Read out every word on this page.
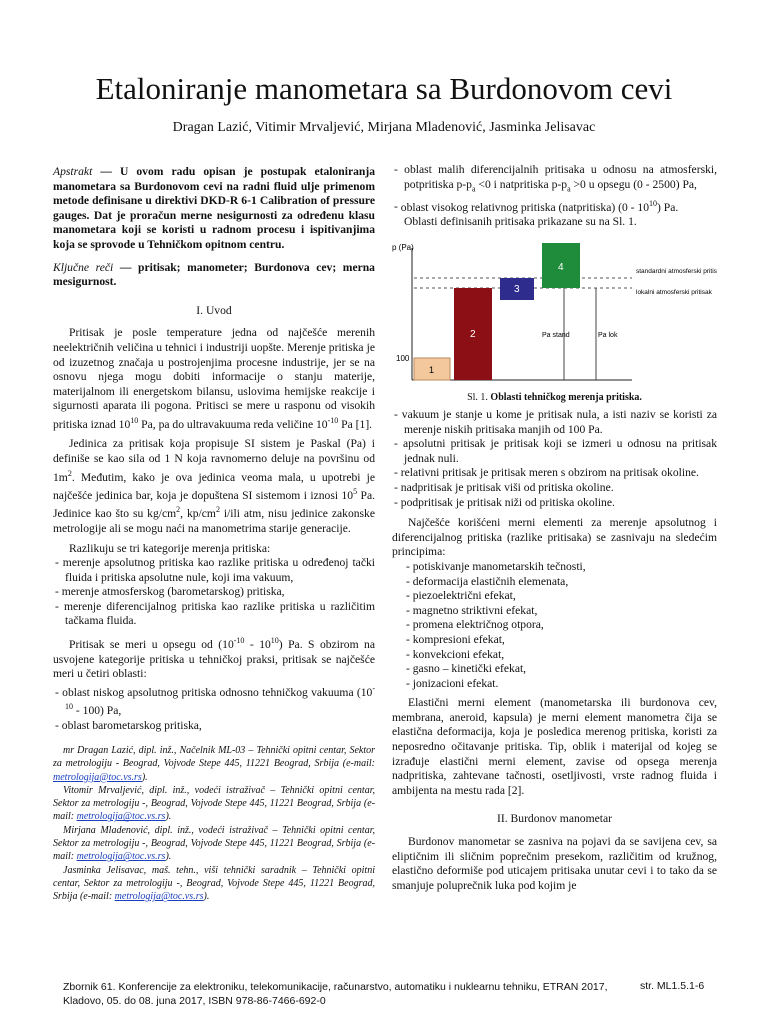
Etaloniranje manometara sa Burdonovom cevi
Dragan Lazić, Vitimir Mrvaljević, Mirjana Mladenović, Jasminka Jelisavac

Apstrakt — U ovom radu opisan je postupak etaloniranja manometara sa Burdonovom cevi na radni fluid ulje primenom metode definisane u direktivi DKD-R 6-1 Calibration of pressure gauges. Dat je proračun merne nesigurnosti za određenu klasu manometara koji se koristi u radnom procesu i ispitivanjima koja se sprovode u Tehničkom opitnom centru.

Ključne reči — pritisak; manometer; Burdonova cev; merna mesigurnost.

I. Uvod

Pritisak je posle temperature jedna od najčešće merenih neelektričnih veličina u tehnici i industriji uopšte. Merenje pritiska je od izuzetnog značaja u postrojenjima procesne industrije, jer se na osnovu njega mogu dobiti informacije o stanju materije, materijalnom ili energetskom bilansu, uslovima hemijske reakcije i sigurnosti aparata ili pogona. Pritisci se mere u rasponu od visokih pritiska iznad $10^{10}$ Pa, pa do ultravakuuma reda veličine $10^{-10}$ Pa [1].

Jedinica za pritisak koja propisuje SI sistem je Paskal (Pa) i definiše se kao sila od 1 N koja ravnomerno deluje na površinu od $1m^2$. Međutim, kako je ova jedinica veoma mala, u upotrebi je najčešće jedinica bar, koja je dopuštena SI sistemom i iznosi $10^5$ Pa. Jedinice kao što su $kg/cm^2$, $kp/cm^2$ i/ili atm, nisu jedinice zakonske metrologije ali se mogu naći na manometrima starije generacije.

Razlikuju se tri kategorije merenja pritiska:

- merenje apsolutnog pritiska kao razlike pritiska u određenoj tački fluida i pritiska apsolutne nule, koji ima vakuum,
- merenje atmosferskog (barometarskog) pritiska,
- merenje diferencijalnog pritiska kao razlike pritiska u različitim tačkama fluida.

Pritisak se meri u opsegu od $(10^{-10} - 10^{10})$ Pa. S obzirom na usvojene kategorije pritiska u tehničkoj praksi, pritisak se najčešće meri u četiri oblasti:

- oblast niskog apsolutnog pritiska odnosno tehničkog vakuuma $(10^{-10} - 100)$ Pa,
- oblast barometarskog pritiska,

mr Dragan Lazić, dipl. inž., Načelnik ML-03 – Tehnički opitni centar, Sektor za metrologiju - Beograd, Vojvode Stepe 445, 11221 Beograd, Srbija (e-mail: metrologija@toc.vs.rs).

Vitomir Mrvaljević, dipl. inž., vodeći istraživač – Tehnički opitni centar, Sektor za metrologiju -, Beograd, Vojvode Stepe 445, 11221 Beograd, Srbija (e-mail: metrologija@toc.vs.rs).

Mirjana Mladenović, dipl. inž., vodeći istraživač – Tehnički opitni centar, Sektor za metrologiju -, Beograd, Vojvode Stepe 445, 11221 Beograd, Srbija (e-mail: metrologija@toc.vs.rs).

Jasminka Jelisavac, maš. tehn., viši tehnički saradnik – Tehnički opitni centar, Sektor za metrologiju -, Beograd, Vojvode Stepe 445, 11221 Beograd, Srbija (e-mail: metrologija@toc.vs.rs).

- oblast malih diferencijalnih pritisaka u odnosu na atmosferski, potpritiska $p-p_a <0$ i natpritiska $p-p_a >0$ u opsegu (0 - 2500) Pa,
- oblast visokog relativnog pritiska (natpritiska) $(0 - 10^{10})$ Pa.

Oblasti definisanih pritisaka prikazane su na Sl. 1.

p (Pa)
100
1
2
3
4
Pa stand	Pa lok
standardni atmosferski pritisak
lokalni atmosferski pritisak
Sl. 1. Oblasti tehničkog merenja pritiska.
- vakuum je stanje u kome je pritisak nula, a isti naziv se koristi za merenje niskih pritisaka manjih od 100 Pa.
- apsolutni pritisak je pritisak koji se izmeri u odnosu na pritisak jednak nuli.
- relativni pritisak je pritisak meren s obzirom na pritisak okoline.
- nadpritisak je pritisak viši od pritiska okoline.
- podpritisak je pritisak niži od pritiska okoline.

Najčešće korišćeni merni elementi za merenje apsolutnog i diferencijalnog pritiska (razlike pritisaka) se zasnivaju na sledećim principima:

- potiskivanje manometarskih tečnosti,
- deformacija elastičnih elemenata,
- piezoelektrični efekat,
- magnetno striktivni efekat,
- promena električnog otpora,
- kompresioni efekat,
- konvekcioni efekat,
- gasno – kinetički efekat,
- jonizacioni efekat.

Elastični merni element (manometarska ili burdonova cev, membrana, aneroid, kapsula) je merni element manometra čija se elastična deformacija, koja je posledica merenog pritiska, koristi za neposredno očitavanje pritiska. Tip, oblik i materijal od kojeg se izrađuje elastični merni element, zavise od opsega merenja nadpritiska, zahtevane tačnosti, osetljivosti, vrste radnog fluida i ambijenta na mestu rada [2].

II. Burdonov manometar

Burdonov manometar se zasniva na pojavi da se savijena cev, sa eliptičnim ili sličnim poprečnim presekom, različitim od kružnog, elastično deformiše pod uticajem pritisaka unutar cevi i to tako da se smanjuje poluprečnik luka pod kojim je

Zbornik 61. Konferencije za elektroniku, telekomunikacije, računarstvo, automatiku i nuklearnu tehniku, ETRAN 2017, Kladovo, 05. do 08. juna 2017, ISBN 978-86-7466-692-0
str. ML1.5.1-6
